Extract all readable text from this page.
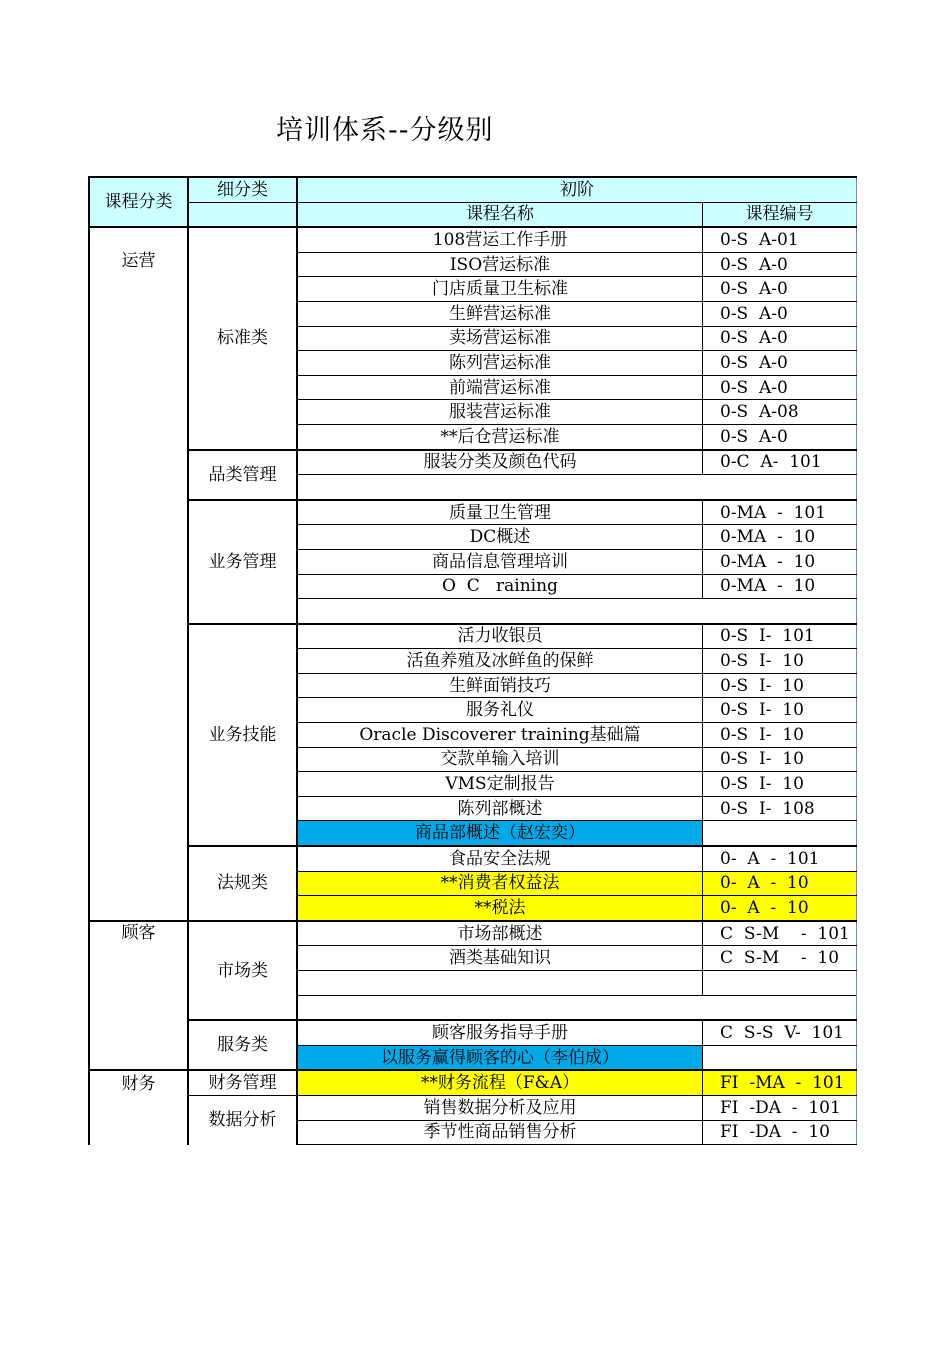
培训体系--分级别
课程分类	细分类	初阶	
		课程名称	课程编号
运营	标准类	108营运工作手册	0-S  A-01
		ISO营运标准	0-S  A-0
		门店质量卫生标准	0-S  A-0
		生鲜营运标准	0-S  A-0
		卖场营运标准	0-S  A-0
		陈列营运标准	0-S  A-0
		前端营运标准	0-S  A-0
		服装营运标准	0-S  A-08
		**后仓营运标准	0-S  A-0
	品类管理	服装分类及颜色代码	0-C  A-  101

	业务管理	质量卫生管理	0-MA  -  101
		DC概述	0-MA  -  10
		商品信息管理培训	0-MA  -  10
		O  C   raining	0-MA  -  10

	业务技能	活力收银员	0-S  I-  101
		活鱼养殖及冰鲜鱼的保鲜	0-S  I-  10
		生鲜面销技巧	0-S  I-  10
		服务礼仪	0-S  I-  10
		Oracle Discoverer training基础篇	0-S  I-  10
		交款单输入培训	0-S  I-  10
		VMS定制报告	0-S  I-  10
		陈列部概述	0-S  I-  108
		商品部概述（赵宏奕）	
	法规类	食品安全法规	0-  A  -  101
		**消费者权益法	0-  A  -  10
		**税法	0-  A  -  10
顾客	市场类	市场部概述	C  S-M    -  101
		酒类基础知识	C  S-M    -  10

	服务类	顾客服务指导手册	C  S-S  V-  101
		以服务赢得顾客的心（李伯成）	
财务	财务管理	**财务流程（F&A）	FI  -MA  -  101
	数据分析	销售数据分析及应用	FI  -DA  -  101
		季节性商品销售分析	FI  -DA  -  10
